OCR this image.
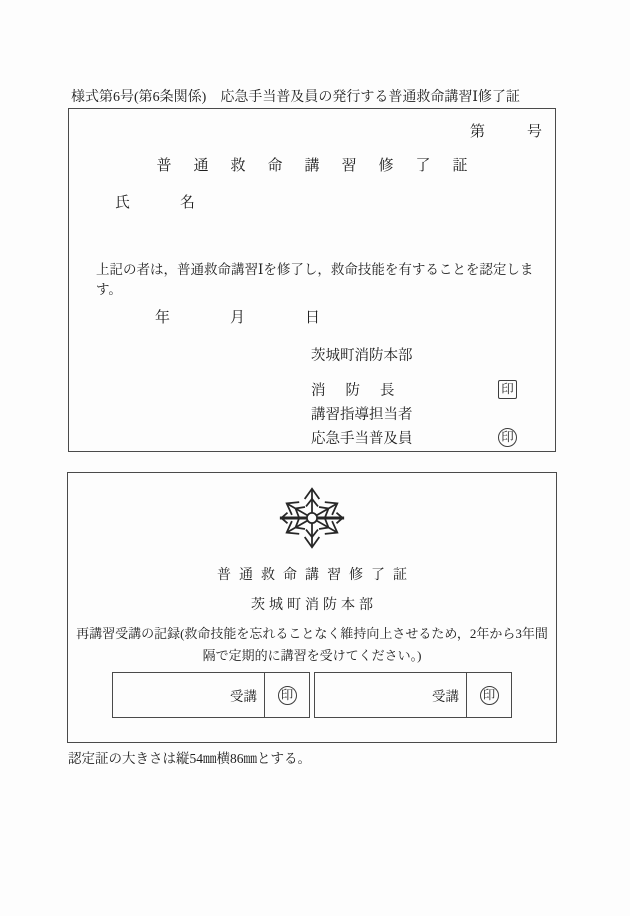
様式第6号(第6条関係)　応急手当普及員の発行する普通救命講習Ⅰ修了証
第	号
普通救命講習修了証
氏名
上記の者は，普通救命講習Ⅰを修了し，救命技能を有することを認定します。
年月日
茨城町消防本部
消防長	印
講習指導担当者
応急手当普及員	印
普通救命講習修了証
茨城町消防本部
再講習受講の記録(救命技能を忘れることなく維持向上させるため，2年から3年間隔で定期的に講習を受けてください。)
受講	印	受講	印
認定証の大きさは縦54㎜横86㎜とする。
